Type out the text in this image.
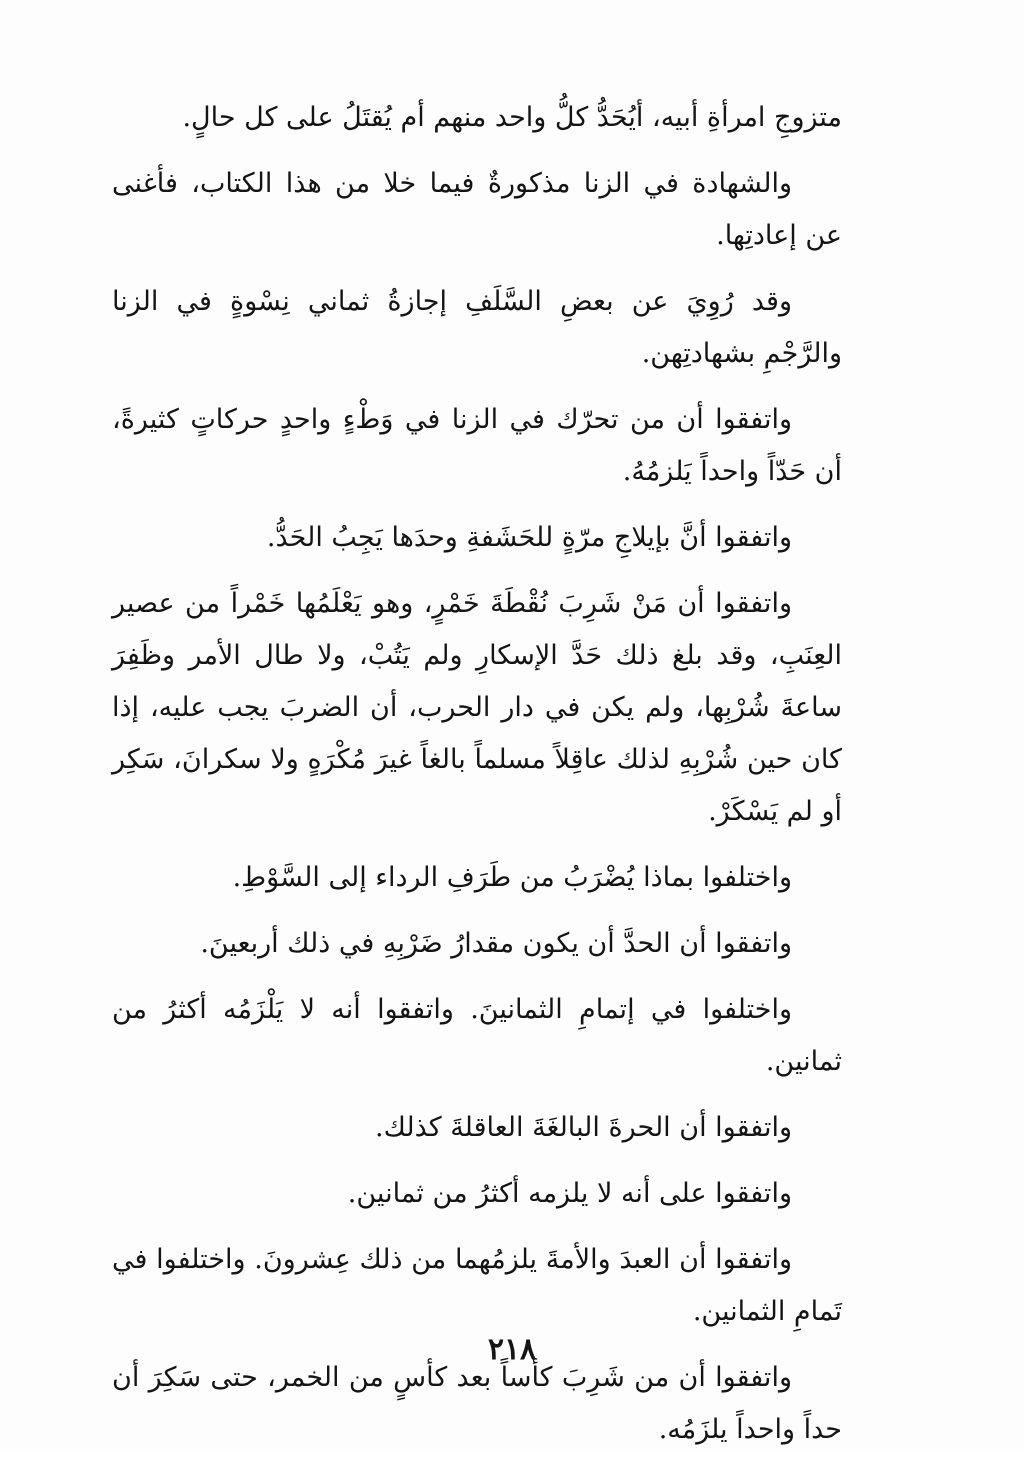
متزوجِ امرأةِ أبيه، أيُحَدُّ كلُّ واحد منهم أم يُقتَلُ على كل حالٍ.

والشهادة في الزنا مذكورةٌ فيما خلا من هذا الكتاب، فأغنى عن إعادتِها.

وقد رُوِيَ عن بعضِ السَّلَفِ إجازةُ ثماني نِسْوةٍ في الزنا والرَّجْمِ بشهادتِهن.

واتفقوا أن من تحرّك في الزنا في وَطْءٍ واحدٍ حركاتٍ كثيرةً، أن حَدّاً واحداً يَلزمُهُ.

واتفقوا أنَّ بإيلاجِ مرّةٍ للحَشَفةِ وحدَها يَجِبُ الحَدُّ.

واتفقوا أن مَنْ شَرِبَ نُقْطَةَ خَمْرٍ، وهو يَعْلَمُها خَمْراً من عصير العِنَبِ، وقد بلغ ذلك حَدَّ الإسكارِ ولم يَتُبْ، ولا طال الأمر وظَفِرَ ساعةَ شُرْبِها، ولم يكن في دار الحرب، أن الضربَ يجب عليه، إذا كان حين شُرْبِهِ لذلك عاقِلاً مسلماً بالغاً غيرَ مُكْرَهٍ ولا سكرانَ، سَكِر أو لم يَسْكَرْ.

واختلفوا بماذا يُضْرَبُ من طَرَفِ الرداء إلى السَّوْطِ.

واتفقوا أن الحدَّ أن يكون مقدارُ ضَرْبِهِ في ذلك أربعينَ.

واختلفوا في إتمامِ الثمانينَ. واتفقوا أنه لا يَلْزَمُه أكثرُ من ثمانين.

واتفقوا أن الحرةَ البالغَةَ العاقلةَ كذلك.

واتفقوا على أنه لا يلزمه أكثرُ من ثمانين.

واتفقوا أن العبدَ والأمةَ يلزمُهما من ذلك عِشرونَ. واختلفوا في تَمامِ الثمانين.

واتفقوا أن من شَرِبَ كأساً بعد كأسٍ من الخمر، حتى سَكِرَ أن حداً واحداً يلزَمُه.

٢١٨
